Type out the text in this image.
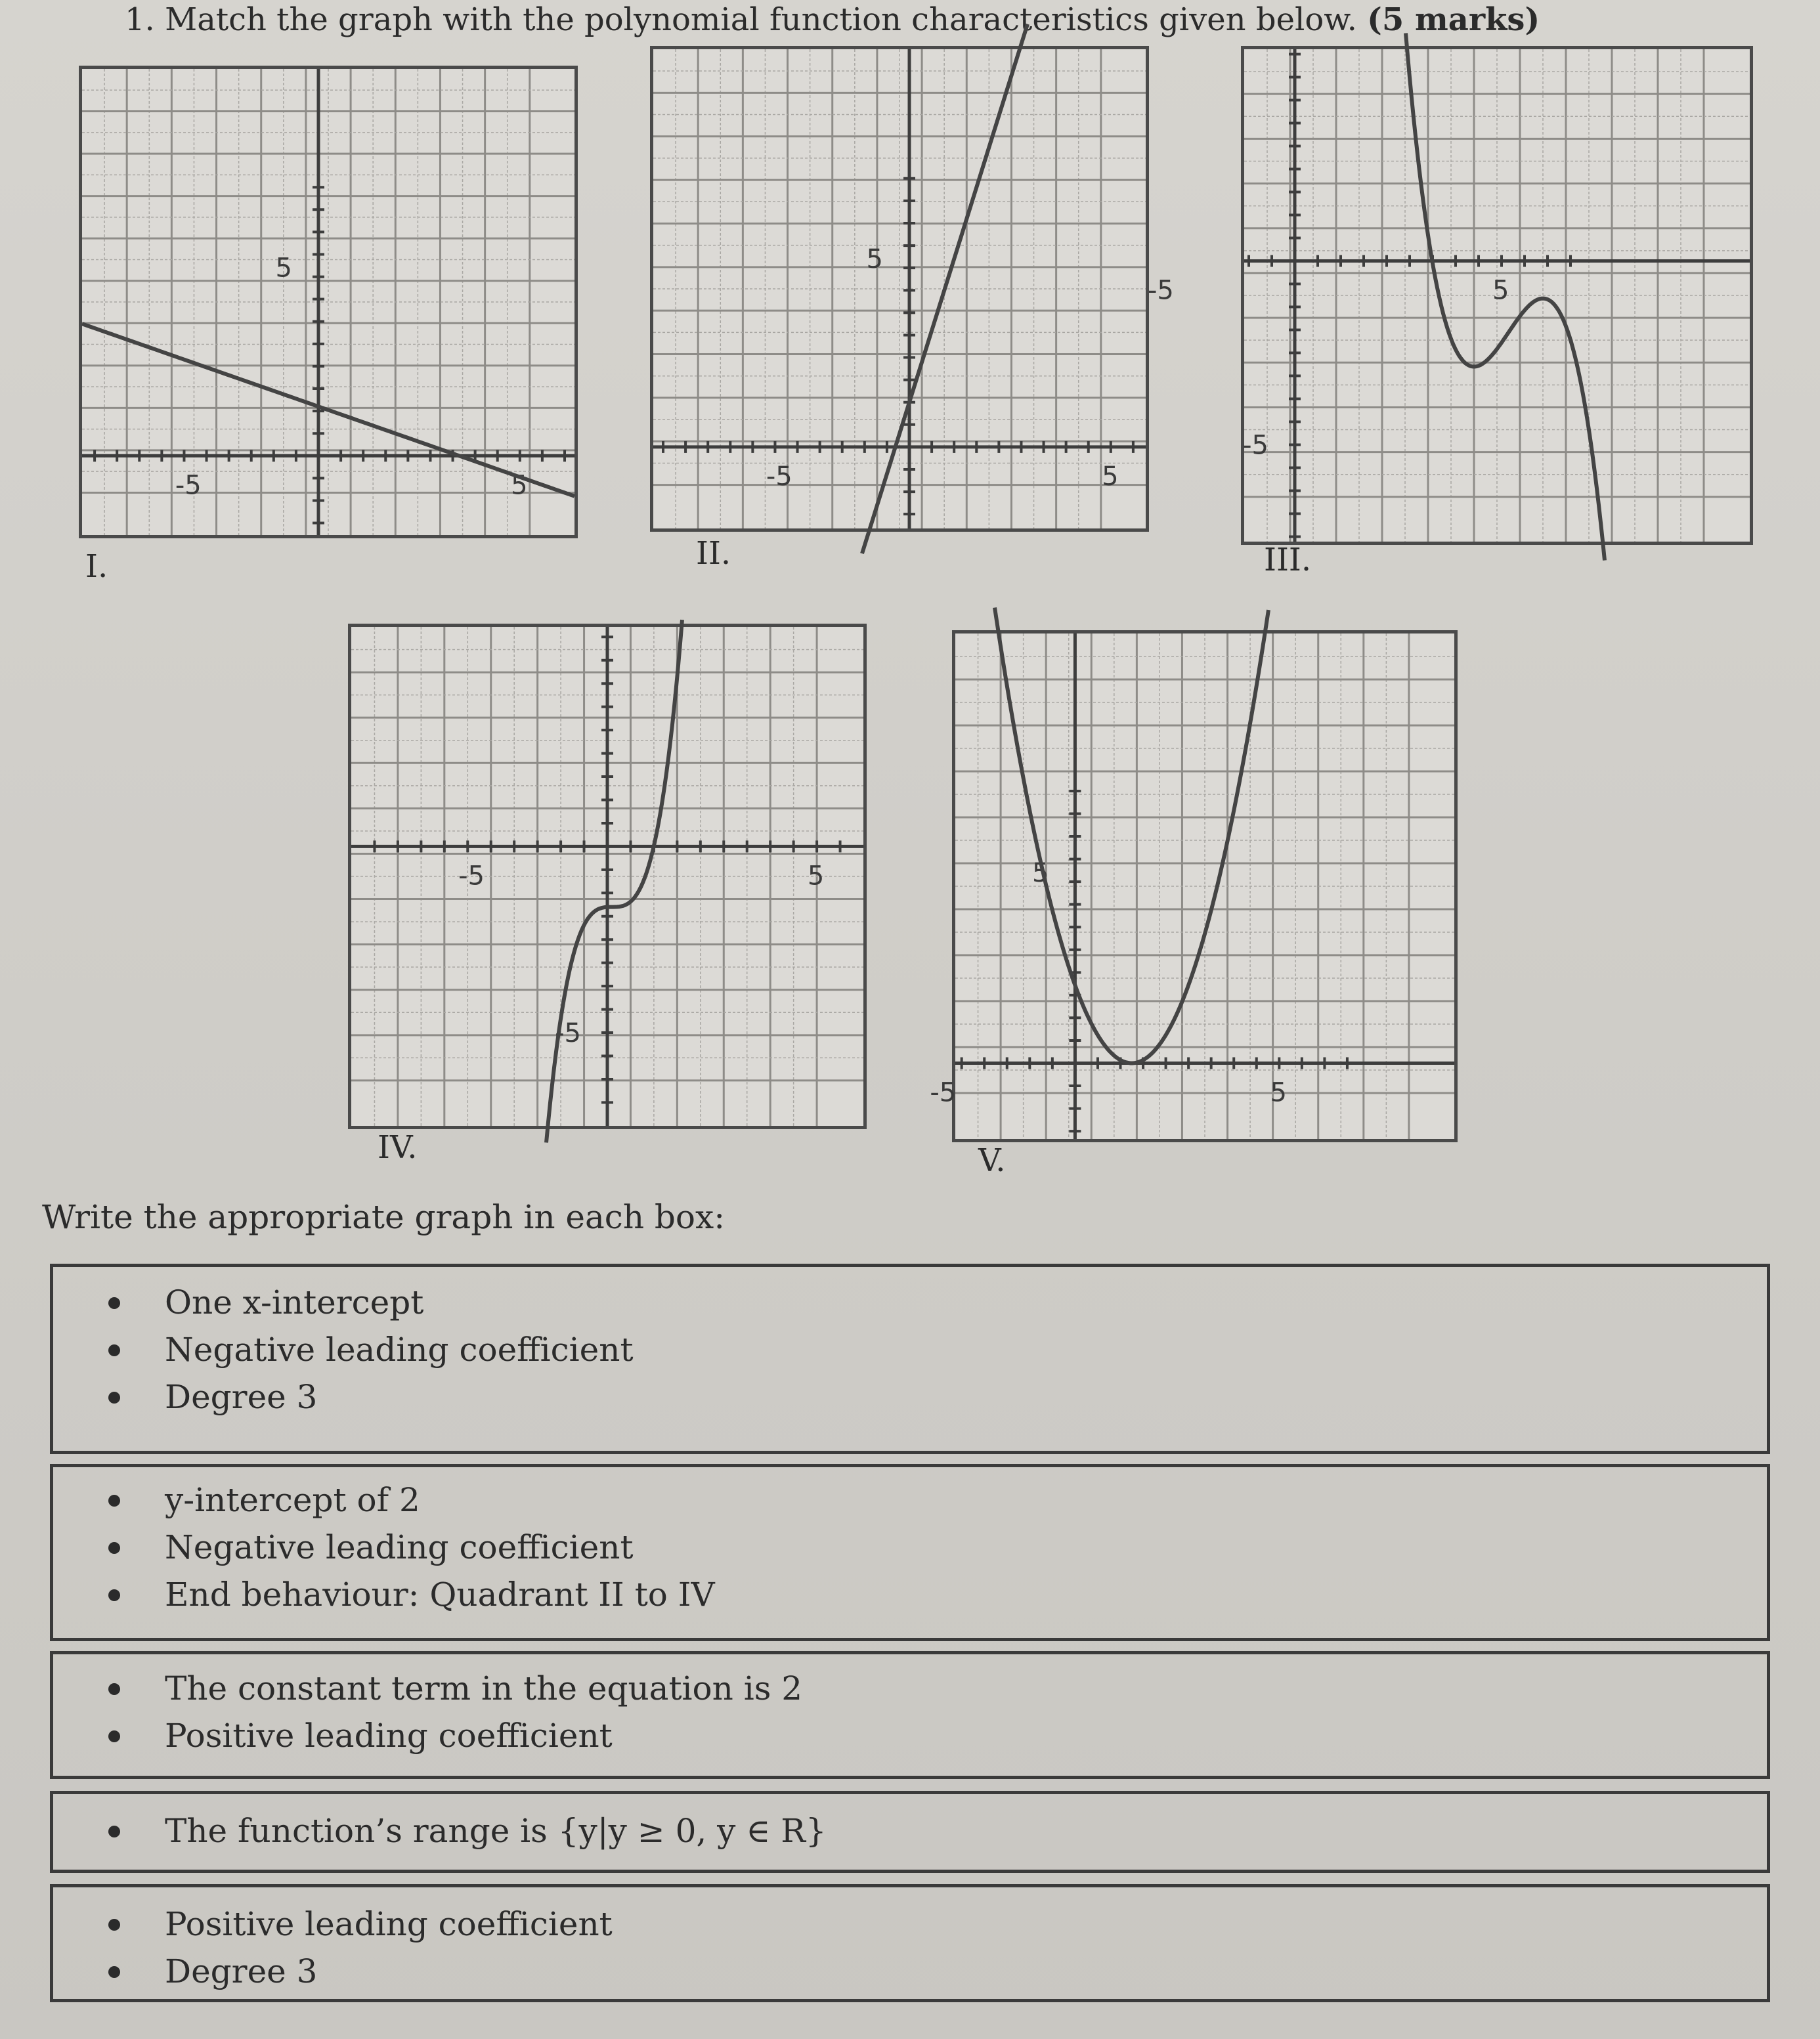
1. Match the graph with the polynomial function characteristics given below. (5 marks)
-5	5
5
I.
-5	5
5
II.
-5	5
-5
III.
-5	5
-5
IV.
-5	5
5
V.
Write the appropriate graph in each box:
One x-intercept
Negative leading coefficient
Degree 3
y-intercept of 2
Negative leading coefficient
End behaviour: Quadrant II to IV
The constant term in the equation is 2
Positive leading coefficient
The function’s range is {y|y ≥ 0, y ∈ R}
Positive leading coefficient
Degree 3
